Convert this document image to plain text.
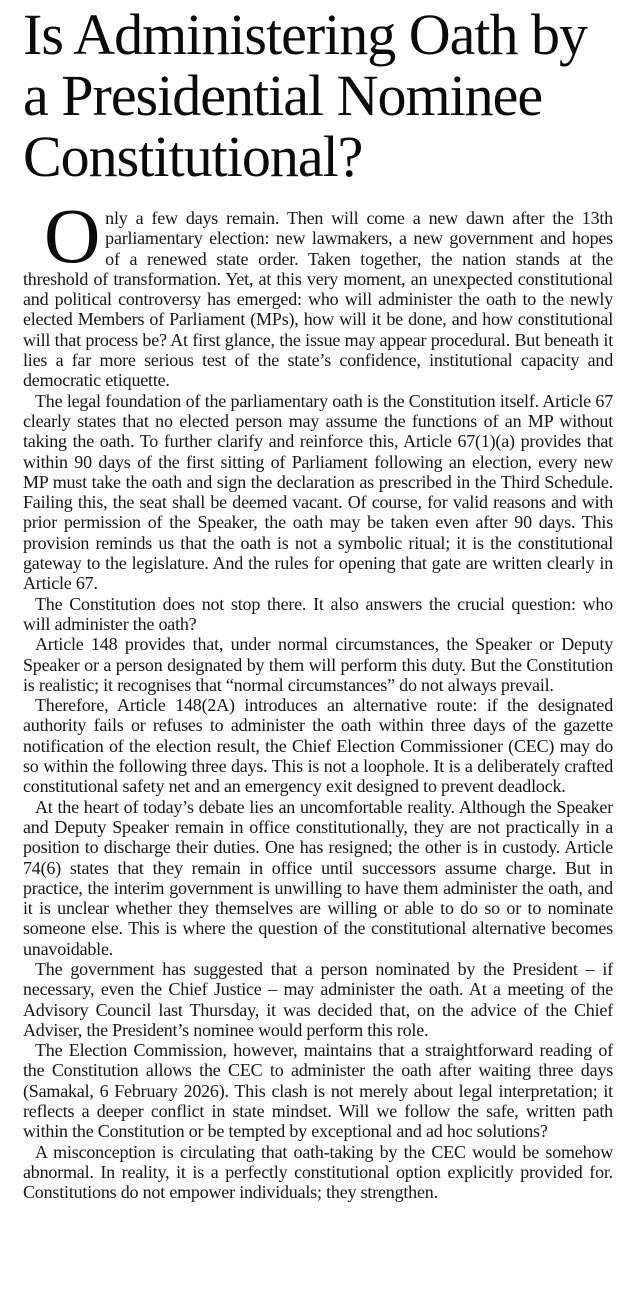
Is Administering Oath by
a Presidential Nominee
Constitutional?

Only a few days remain. Then will come a new dawn after the 13th parliamentary election: new lawmakers, a new government and hopes of a renewed state order. Taken together, the nation stands at the threshold of transformation. Yet, at this very moment, an unexpected constitutional and political controversy has emerged: who will administer the oath to the newly elected Members of Parliament (MPs), how will it be done, and how constitutional will that process be? At first glance, the issue may appear procedural. But beneath it lies a far more serious test of the state’s confidence, institutional capacity and democratic etiquette.

The legal foundation of the parliamentary oath is the Constitution itself. Article 67 clearly states that no elected person may assume the functions of an MP without taking the oath. To further clarify and reinforce this, Article 67(1)(a) provides that within 90 days of the first sitting of Parliament following an election, every new MP must take the oath and sign the declaration as prescribed in the Third Schedule. Failing this, the seat shall be deemed vacant. Of course, for valid reasons and with prior permission of the Speaker, the oath may be taken even after 90 days. This provision reminds us that the oath is not a symbolic ritual; it is the constitutional gateway to the legislature. And the rules for opening that gate are written clearly in Article 67.

The Constitution does not stop there. It also answers the crucial question: who will administer the oath?

Article 148 provides that, under normal circumstances, the Speaker or Deputy Speaker or a person designated by them will perform this duty. But the Constitution is realistic; it recognises that “normal circumstances” do not always prevail.

Therefore, Article 148(2A) introduces an alternative route: if the designated authority fails or refuses to administer the oath within three days of the gazette notification of the election result, the Chief Election Commissioner (CEC) may do so within the following three days. This is not a loophole. It is a deliberately crafted constitutional safety net and an emergency exit designed to prevent deadlock.

At the heart of today’s debate lies an uncomfortable reality. Although the Speaker and Deputy Speaker remain in office constitutionally, they are not practically in a position to discharge their duties. One has resigned; the other is in custody. Article 74(6) states that they remain in office until successors assume charge. But in practice, the interim government is unwilling to have them administer the oath, and it is unclear whether they themselves are willing or able to do so or to nominate someone else. This is where the question of the constitutional alternative becomes unavoidable.

The government has suggested that a person nominated by the President – if necessary, even the Chief Justice – may administer the oath. At a meeting of the Advisory Council last Thursday, it was decided that, on the advice of the Chief Adviser, the President’s nominee would perform this role.

The Election Commission, however, maintains that a straightforward reading of the Constitution allows the CEC to administer the oath after waiting three days (Samakal, 6 February 2026). This clash is not merely about legal interpretation; it reflects a deeper conflict in state mindset. Will we follow the safe, written path within the Constitution or be tempted by exceptional and ad hoc solutions?

A misconception is circulating that oath-taking by the CEC would be somehow abnormal. In reality, it is a perfectly constitutional option explicitly provided for. Constitutions do not empower individuals; they strengthen.
